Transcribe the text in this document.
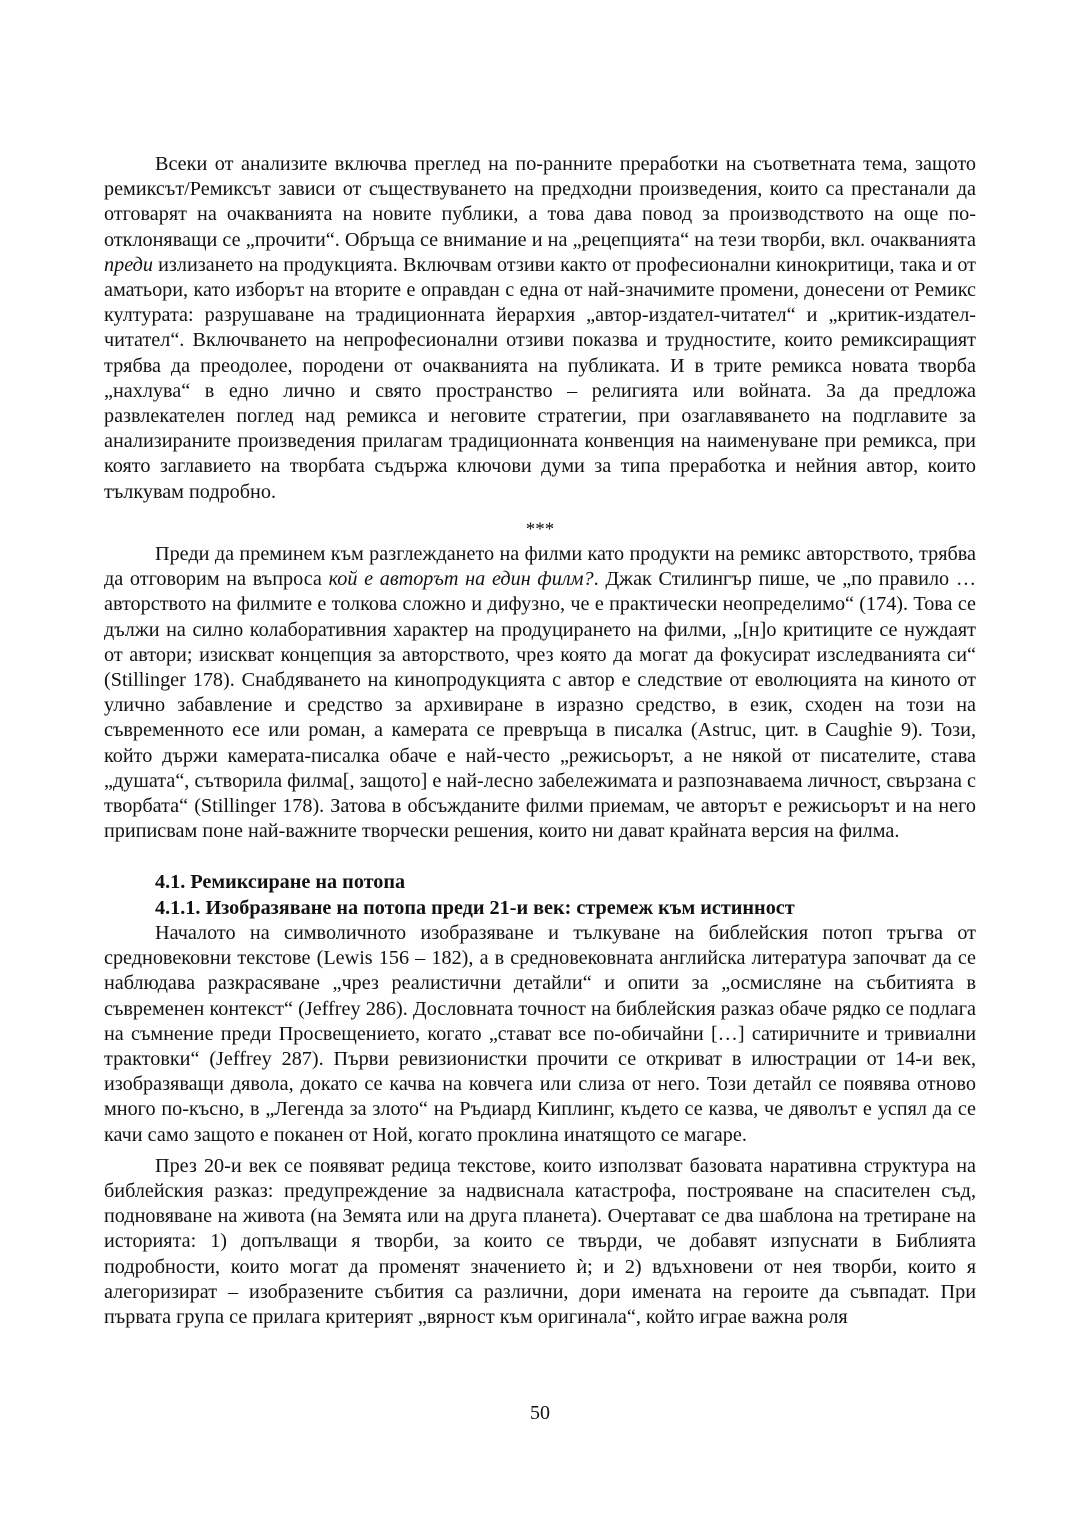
Всеки от анализите включва преглед на по-ранните преработки на съответната тема, защото ремиксът/Ремиксът зависи от съществуването на предходни произведения, които са престанали да отговарят на очакванията на новите публики, а това дава повод за производството на още по-отклоняващи се „прочити“. Обръща се внимание и на „рецепцията“ на тези творби, вкл. очакванията преди излизането на продукцията. Включвам отзиви както от професионални кинокритици, така и от аматьори, като изборът на вторите е оправдан с една от най-значимите промени, донесени от Ремикс културата: разрушаване на традиционната йерархия „автор-издател-читател“ и „критик-издател-читател“. Включването на непрофесионални отзиви показва и трудностите, които ремиксиращият трябва да преодолее, породени от очакванията на публиката. И в трите ремикса новата творба „нахлува“ в едно лично и свято пространство – религията или войната. За да предложа развлекателен поглед над ремикса и неговите стратегии, при озаглавяването на подглавите за анализираните произведения прилагам традиционната конвенция на наименуване при ремикса, при която заглавието на творбата съдържа ключови думи за типа преработка и нейния автор, които тълкувам подробно.

***

Преди да преминем към разглеждането на филми като продукти на ремикс авторството, трябва да отговорим на въпроса кой е авторът на един филм?. Джак Стилингър пише, че „по правило … авторството на филмите е толкова сложно и дифузно, че е практически неопределимо“ (174). Това се дължи на силно колаборативния характер на продуцирането на филми, „[н]о критиците се нуждаят от автори; изискват концепция за авторството, чрез която да могат да фокусират изследванията си“ (Stillinger 178). Снабдяването на кинопродукцията с автор е следствие от еволюцията на киното от улично забавление и средство за архивиране в изразно средство, в език, сходен на този на съвременното есе или роман, а камерата се превръща в писалка (Astruc, цит. в Caughie 9). Този, който държи камерата-писалка обаче е най-често „режисьорът, а не някой от писателите, става „душата“, сътворила филма[, защото] е най-лесно забележимата и разпознаваема личност, свързана с творбата“ (Stillinger 178). Затова в обсъжданите филми приемам, че авторът е режисьорът и на него приписвам поне най-важните творчески решения, които ни дават крайната версия на филма.

4.1. Ремиксиране на потопа

4.1.1. Изобразяване на потопа преди 21-и век: стремеж към истинност

Началото на символичното изобразяване и тълкуване на библейския потоп тръгва от средновековни текстове (Lewis 156 – 182), а в средновековната английска литература започват да се наблюдава разкрасяване „чрез реалистични детайли“ и опити за „осмисляне на събитията в съвременен контекст“ (Jeffrey 286). Дословната точност на библейския разказ обаче рядко се подлага на съмнение преди Просвещението, когато „стават все по-обичайни […] сатиричните и тривиални трактовки“ (Jeffrey 287). Първи ревизионистки прочити се откриват в илюстрации от 14-и век, изобразяващи дявола, докато се качва на ковчега или слиза от него. Този детайл се появява отново много по-късно, в „Легенда за злото“ на Ръдиард Киплинг, където се казва, че дяволът е успял да се качи само защото е поканен от Ной, когато проклина инатящото се магаре.

През 20-и век се появяват редица текстове, които използват базовата наративна структура на библейския разказ: предупреждение за надвиснала катастрофа, построяване на спасителен съд, подновяване на живота (на Земята или на друга планета). Очертават се два шаблона на третиране на историята: 1) допълващи я творби, за които се твърди, че добавят изпуснати в Библията подробности, които могат да променят значението ѝ; и 2) вдъхновени от нея творби, които я алегоризират – изобразените събития са различни, дори имената на героите да съвпадат. При първата група се прилага критерият „вярност към оригинала“, който играе важна роля

50
